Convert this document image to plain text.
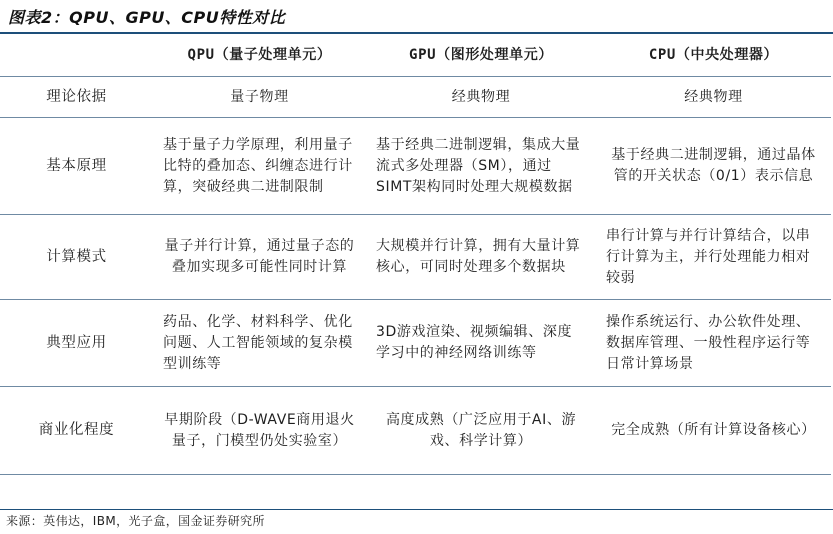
图表2：QPU、GPU、CPU特性对比
	QPU（量子处理单元）	GPU（图形处理单元）	CPU（中央处理器）
理论依据	量子物理	经典物理	经典物理
基本原理	基于量子力学原理，利用量子比特的叠加态、纠缠态进行计算，突破经典二进制限制	基于经典二进制逻辑，集成大量流式多处理器（SM），通过SIMT架构同时处理大规模数据	基于经典二进制逻辑，通过晶体管的开关状态（0/1）表示信息
计算模式	量子并行计算，通过量子态的叠加实现多可能性同时计算	大规模并行计算，拥有大量计算核心，可同时处理多个数据块	串行计算与并行计算结合，以串行计算为主，并行处理能力相对较弱
典型应用	药品、化学、材料科学、优化问题、人工智能领域的复杂模型训练等	3D游戏渲染、视频编辑、深度学习中的神经网络训练等	操作系统运行、办公软件处理、数据库管理、一般性程序运行等日常计算场景
商业化程度	早期阶段（D-WAVE商用退火量子，门模型仍处实验室）	高度成熟（广泛应用于AI、游戏、科学计算）	完全成熟（所有计算设备核心）
来源：英伟达，IBM，光子盒，国金证券研究所
